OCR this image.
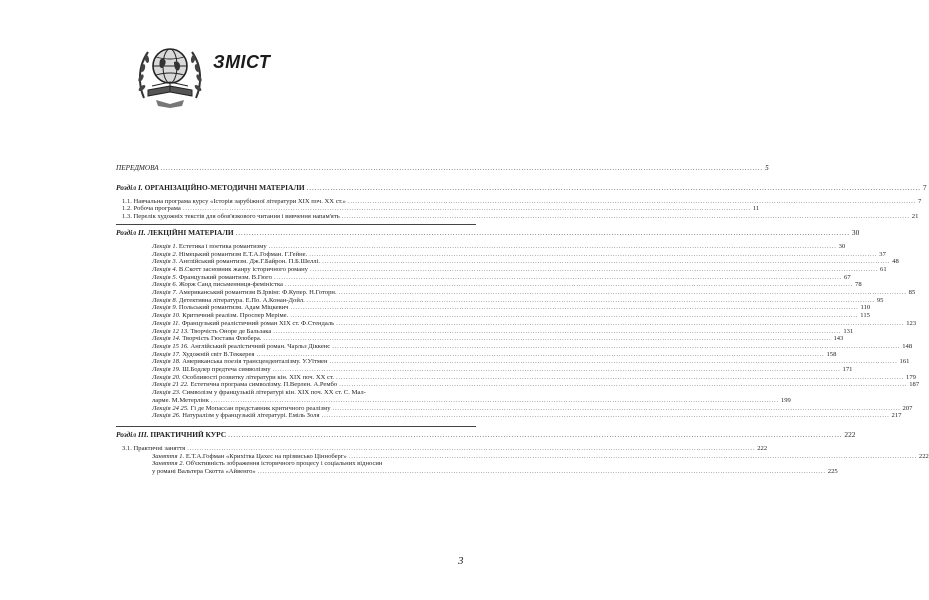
ЗМІСТ
ПЕРЕДМОВА .....	5
Розділ І. ОРГАНІЗАЦІЙНО-МЕТОДИЧНІ МАТЕРІАЛИ .....	7
1.1. Навчальна програма курсу «Історія зарубіжної літератури ХІХ поч. ХХ ст.» .....	7
1.2. Робоча програма .....	11
1.3. Перелік художніх текстів для обов'язкового читання і вивчення напам'ять .....	21
Розділ ІІ. ЛЕКЦІЙНІ МАТЕРІАЛИ .....	30
Лекція 1. Естетика і поетика романтизму .....	30
Лекція 2. Німецький романтизм Е.Т.А.Гофман. Г.Гейне. .....	37
Лекція 3. Англійський романтизм. Дж.Г.Байрон. П.Б.Шеллі. .....	48
Лекція 4. В.Скотт засновник жанру історичного роману .....	61
Лекція 5. Французький романтизм. В.Гюго .....	67
Лекція 6. Жорж Санд письменниця-феміністка .....	78
Лекція 7. Американський романтизм В.Ірвінг. Ф.Купер. Н.Готорн. .....	85
Лекція 8. Детективна література. Е.По. А.Конан-Дойл. .....	95
Лекція 9. Польський романтизм. Адам Міцкевич .....	110
Лекція 10. Критичний реалізм. Проспер Меріме. .....	115
Лекція 11. Французький реалістичний роман ХІХ ст. Ф.Стендаль .....	123
Лекція 12 13. Творчість Оноре де Бальзака .....	131
Лекція 14. Творчість Гюстава Флобера. .....	143
Лекція 15 16. Англійський реалістичний роман. Чарльз Діккенс .....	148
Лекція 17. Художній світ В.Теккерея .....	158
Лекція 18. Американська поезія трансценденталізму. У.Уїтмен .....	161
Лекція 19. Ш.Бодлер предтеча символізму .....	171
Лекція 20. Особливості розвитку літератури кін. ХІХ поч. ХХ ст. .....	179
Лекція 21 22. Естетична програма символізму. П.Верлен. А.Рембо .....	187
Лекція 23. Символізм у французькій літературі кін. ХІХ поч. ХХ ст. С. Мал-
ларме. М.Метерлінк .....	199
Лекція 24 25. Гі де Мопассан представник критичного реалізму .....	207
Лекція 26. Натуралізм у французькій літературі. Еміль Золя .....	217
Розділ ІІІ. ПРАКТИЧНИЙ КУРС .....	222
3.1. Практичні заняття .....	222
Заняття 1. Е.Т.А.Гофман «Крихітка Цахес на прізвисько Цінноберг» .....	222
Заняття 2. Об'єктивність зображення історичного процесу і соціальних відносин
у романі Вальтера Скотта «Айвенго» .....	225
3
